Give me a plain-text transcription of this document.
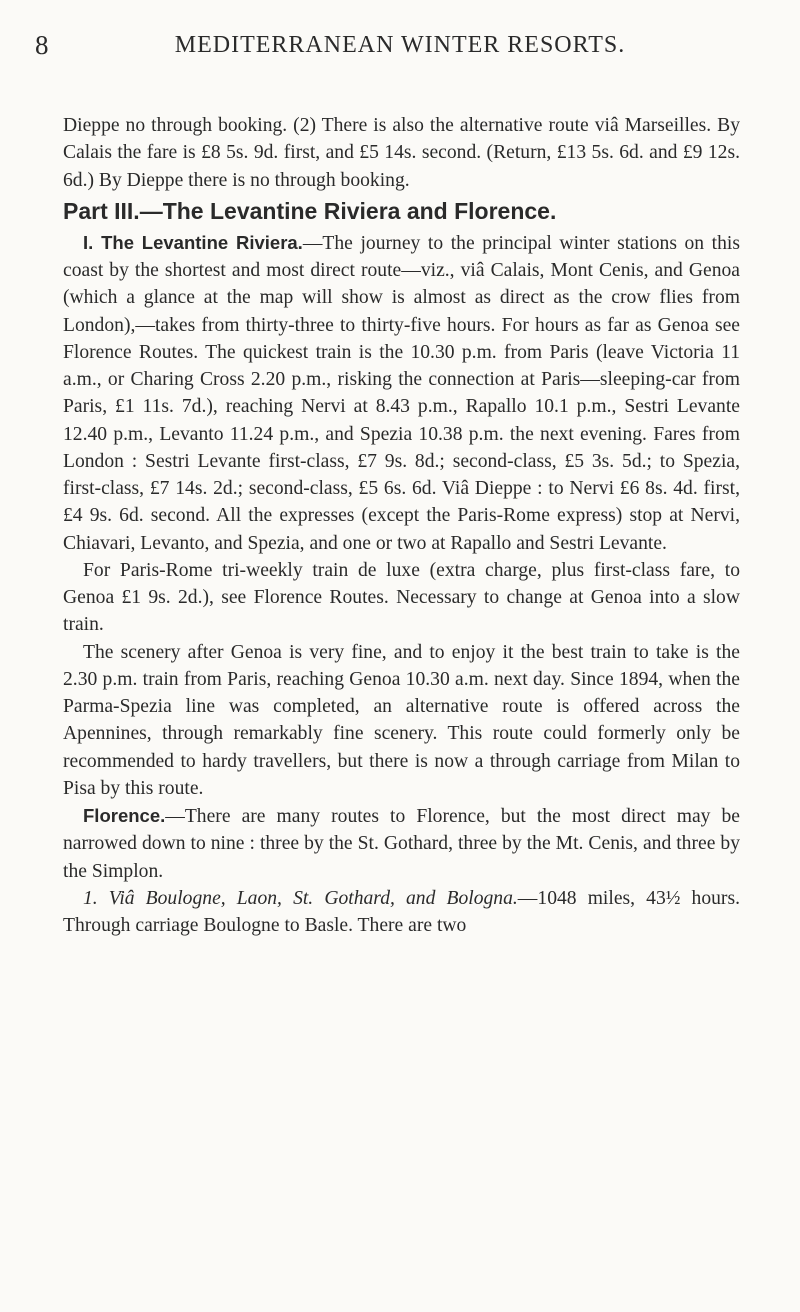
8	MEDITERRANEAN WINTER RESORTS.

Dieppe no through booking. (2) There is also the alternative route viâ Marseilles. By Calais the fare is £8 5s. 9d. first, and £5 14s. second. (Return, £13 5s. 6d. and £9 12s. 6d.) By Dieppe there is no through booking.

Part III.—The Levantine Riviera and Florence.

I. The Levantine Riviera.—The journey to the principal winter stations on this coast by the shortest and most direct route—viz., viâ Calais, Mont Cenis, and Genoa (which a glance at the map will show is almost as direct as the crow flies from London),—takes from thirty-three to thirty-five hours. For hours as far as Genoa see Florence Routes. The quickest train is the 10.30 p.m. from Paris (leave Victoria 11 a.m., or Charing Cross 2.20 p.m., risking the connection at Paris—sleeping-car from Paris, £1 11s. 7d.), reaching Nervi at 8.43 p.m., Rapallo 10.1 p.m., Sestri Levante 12.40 p.m., Levanto 11.24 p.m., and Spezia 10.38 p.m. the next evening. Fares from London : Sestri Levante first-class, £7 9s. 8d.; second-class, £5 3s. 5d.; to Spezia, first-class, £7 14s. 2d.; second-class, £5 6s. 6d. Viâ Dieppe : to Nervi £6 8s. 4d. first, £4 9s. 6d. second. All the expresses (except the Paris-Rome express) stop at Nervi, Chiavari, Levanto, and Spezia, and one or two at Rapallo and Sestri Levante.

For Paris-Rome tri-weekly train de luxe (extra charge, plus first-class fare, to Genoa £1 9s. 2d.), see Florence Routes. Necessary to change at Genoa into a slow train.

The scenery after Genoa is very fine, and to enjoy it the best train to take is the 2.30 p.m. train from Paris, reaching Genoa 10.30 a.m. next day. Since 1894, when the Parma-Spezia line was completed, an alternative route is offered across the Apennines, through remarkably fine scenery. This route could formerly only be recommended to hardy travellers, but there is now a through carriage from Milan to Pisa by this route.

Florence.—There are many routes to Florence, but the most direct may be narrowed down to nine : three by the St. Gothard, three by the Mt. Cenis, and three by the Simplon.

1. Viâ Boulogne, Laon, St. Gothard, and Bologna.—1048 miles, 43½ hours. Through carriage Boulogne to Basle. There are two
